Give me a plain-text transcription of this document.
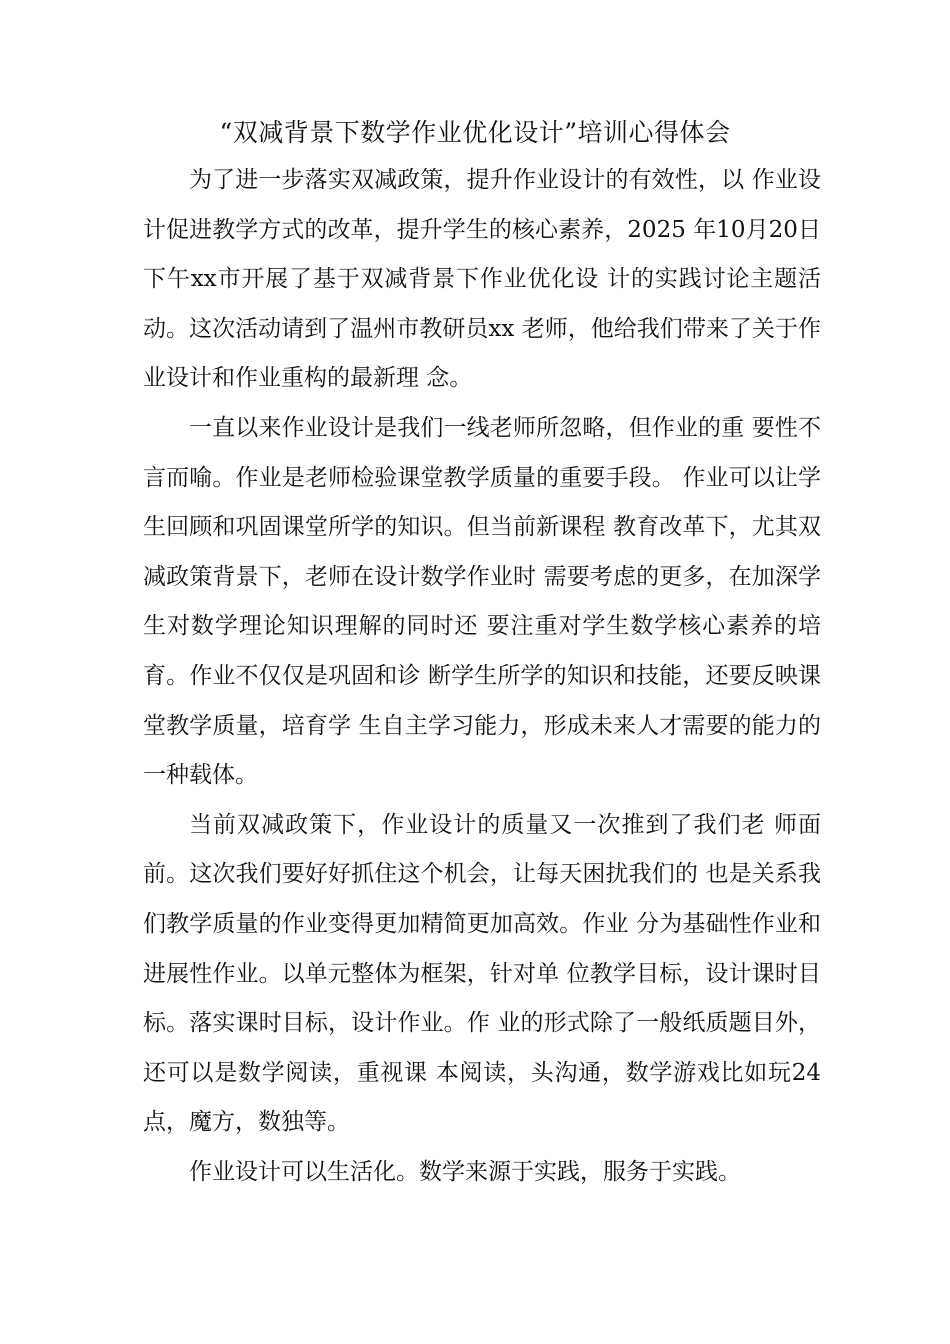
“双减背景下数学作业优化设计”培训心得体会

为了进一步落实双减政策，提升作业设计的有效性，以 作业设计促进教学方式的改革，提升学生的核心素养，2025 年10月20日下午xx市开展了基于双减背景下作业优化设 计的实践讨论主题活动。这次活动请到了温州市教研员xx 老师，他给我们带来了关于作业设计和作业重构的最新理 念。

一直以来作业设计是我们一线老师所忽略，但作业的重 要性不言而喻。作业是老师检验课堂教学质量的重要手段。 作业可以让学生回顾和巩固课堂所学的知识。但当前新课程 教育改革下，尤其双减政策背景下，老师在设计数学作业时 需要考虑的更多，在加深学生对数学理论知识理解的同时还 要注重对学生数学核心素养的培育。作业不仅仅是巩固和诊 断学生所学的知识和技能，还要反映课堂教学质量，培育学 生自主学习能力，形成未来人才需要的能力的一种载体。

当前双减政策下，作业设计的质量又一次推到了我们老 师面前。这次我们要好好抓住这个机会，让每天困扰我们的 也是关系我们教学质量的作业变得更加精简更加高效。作业 分为基础性作业和进展性作业。以单元整体为框架，针对单 位教学目标，设计课时目标。落实课时目标，设计作业。作 业的形式除了一般纸质题目外，还可以是数学阅读，重视课 本阅读，头沟通，数学游戏比如玩24点，魔方，数独等。

作业设计可以生活化。数学来源于实践，服务于实践。
